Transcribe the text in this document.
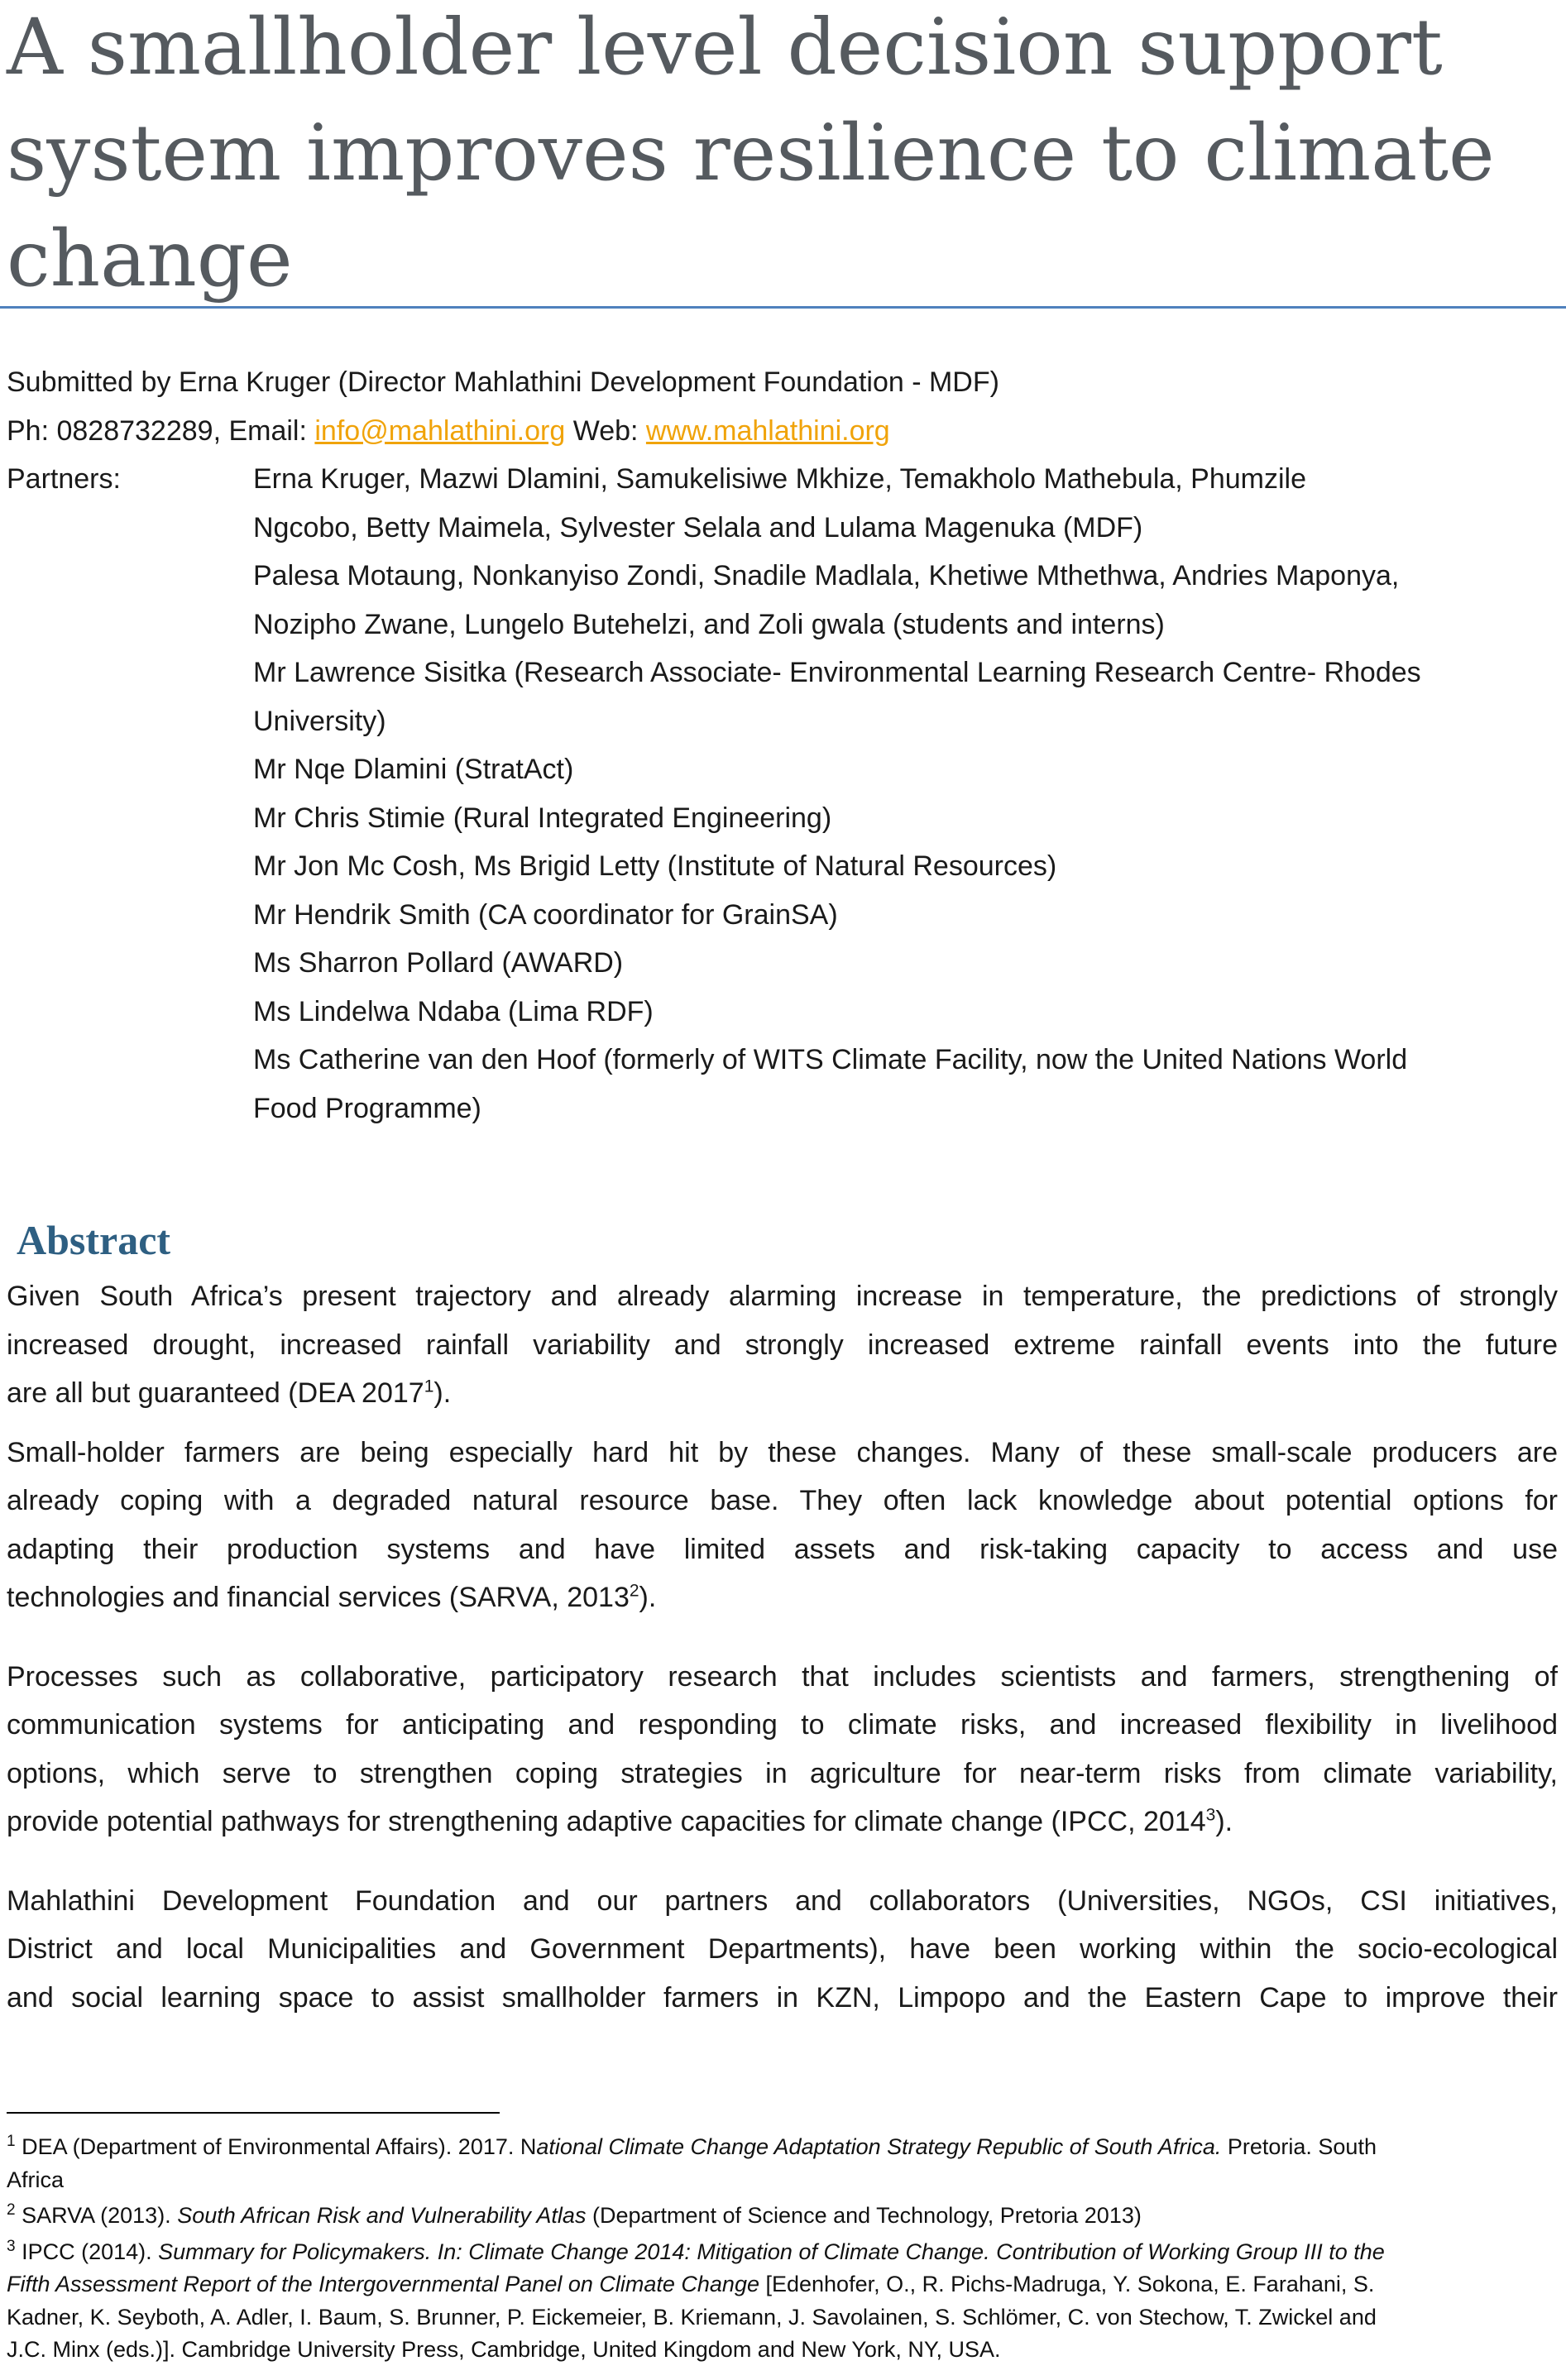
A smallholder level decision support
system improves resilience to climate
change
Submitted by Erna Kruger (Director Mahlathini Development Foundation - MDF)
Ph: 0828732289, Email: info@mahlathini.org Web: www.mahlathini.org
Partners:	Erna Kruger, Mazwi Dlamini, Samukelisiwe Mkhize, Temakholo Mathebula, Phumzile
Ngcobo, Betty Maimela, Sylvester Selala and Lulama Magenuka (MDF)
Palesa Motaung, Nonkanyiso Zondi, Snadile Madlala, Khetiwe Mthethwa, Andries Maponya,
Nozipho Zwane, Lungelo Butehelzi, and Zoli gwala (students and interns)
Mr Lawrence Sisitka (Research Associate- Environmental Learning Research Centre- Rhodes
University)
Mr Nqe Dlamini (StratAct)
Mr Chris Stimie (Rural Integrated Engineering)
Mr Jon Mc Cosh, Ms Brigid Letty (Institute of Natural Resources)
Mr Hendrik Smith (CA coordinator for GrainSA)
Ms Sharron Pollard (AWARD)
Ms Lindelwa Ndaba (Lima RDF)
Ms Catherine van den Hoof (formerly of WITS Climate Facility, now the United Nations World
Food Programme)
Abstract
Given South Africa’s present trajectory and already alarming increase in temperature, the predictions of strongly
increased drought, increased rainfall variability and strongly increased extreme rainfall events into the future
are all but guaranteed (DEA 2017$^1$).
Small-holder farmers are being especially hard hit by these changes. Many of these small-scale producers are
already coping with a degraded natural resource base. They often lack knowledge about potential options for
adapting their production systems and have limited assets and risk-taking capacity to access and use
technologies and financial services (SARVA, 2013$^2$).
Processes such as collaborative, participatory research that includes scientists and farmers, strengthening of
communication systems for anticipating and responding to climate risks, and increased flexibility in livelihood
options, which serve to strengthen coping strategies in agriculture for near-term risks from climate variability,
provide potential pathways for strengthening adaptive capacities for climate change (IPCC, 2014$^3$).
Mahlathini Development Foundation and our partners and collaborators (Universities, NGOs, CSI initiatives,
District and local Municipalities and Government Departments), have been working within the socio-ecological
and social learning space to assist smallholder farmers in KZN, Limpopo and the Eastern Cape to improve their
$^1$ DEA (Department of Environmental Affairs). 2017. National Climate Change Adaptation Strategy Republic of South Africa. Pretoria. South
Africa
$^2$ SARVA (2013). South African Risk and Vulnerability Atlas (Department of Science and Technology, Pretoria 2013)
$^3$ IPCC (2014). Summary for Policymakers. In: Climate Change 2014: Mitigation of Climate Change. Contribution of Working Group III to the
Fifth Assessment Report of the Intergovernmental Panel on Climate Change [Edenhofer, O., R. Pichs-Madruga, Y. Sokona, E. Farahani, S.
Kadner, K. Seyboth, A. Adler, I. Baum, S. Brunner, P. Eickemeier, B. Kriemann, J. Savolainen, S. Schlömer, C. von Stechow, T. Zwickel and
J.C. Minx (eds.)]. Cambridge University Press, Cambridge, United Kingdom and New York, NY, USA.
